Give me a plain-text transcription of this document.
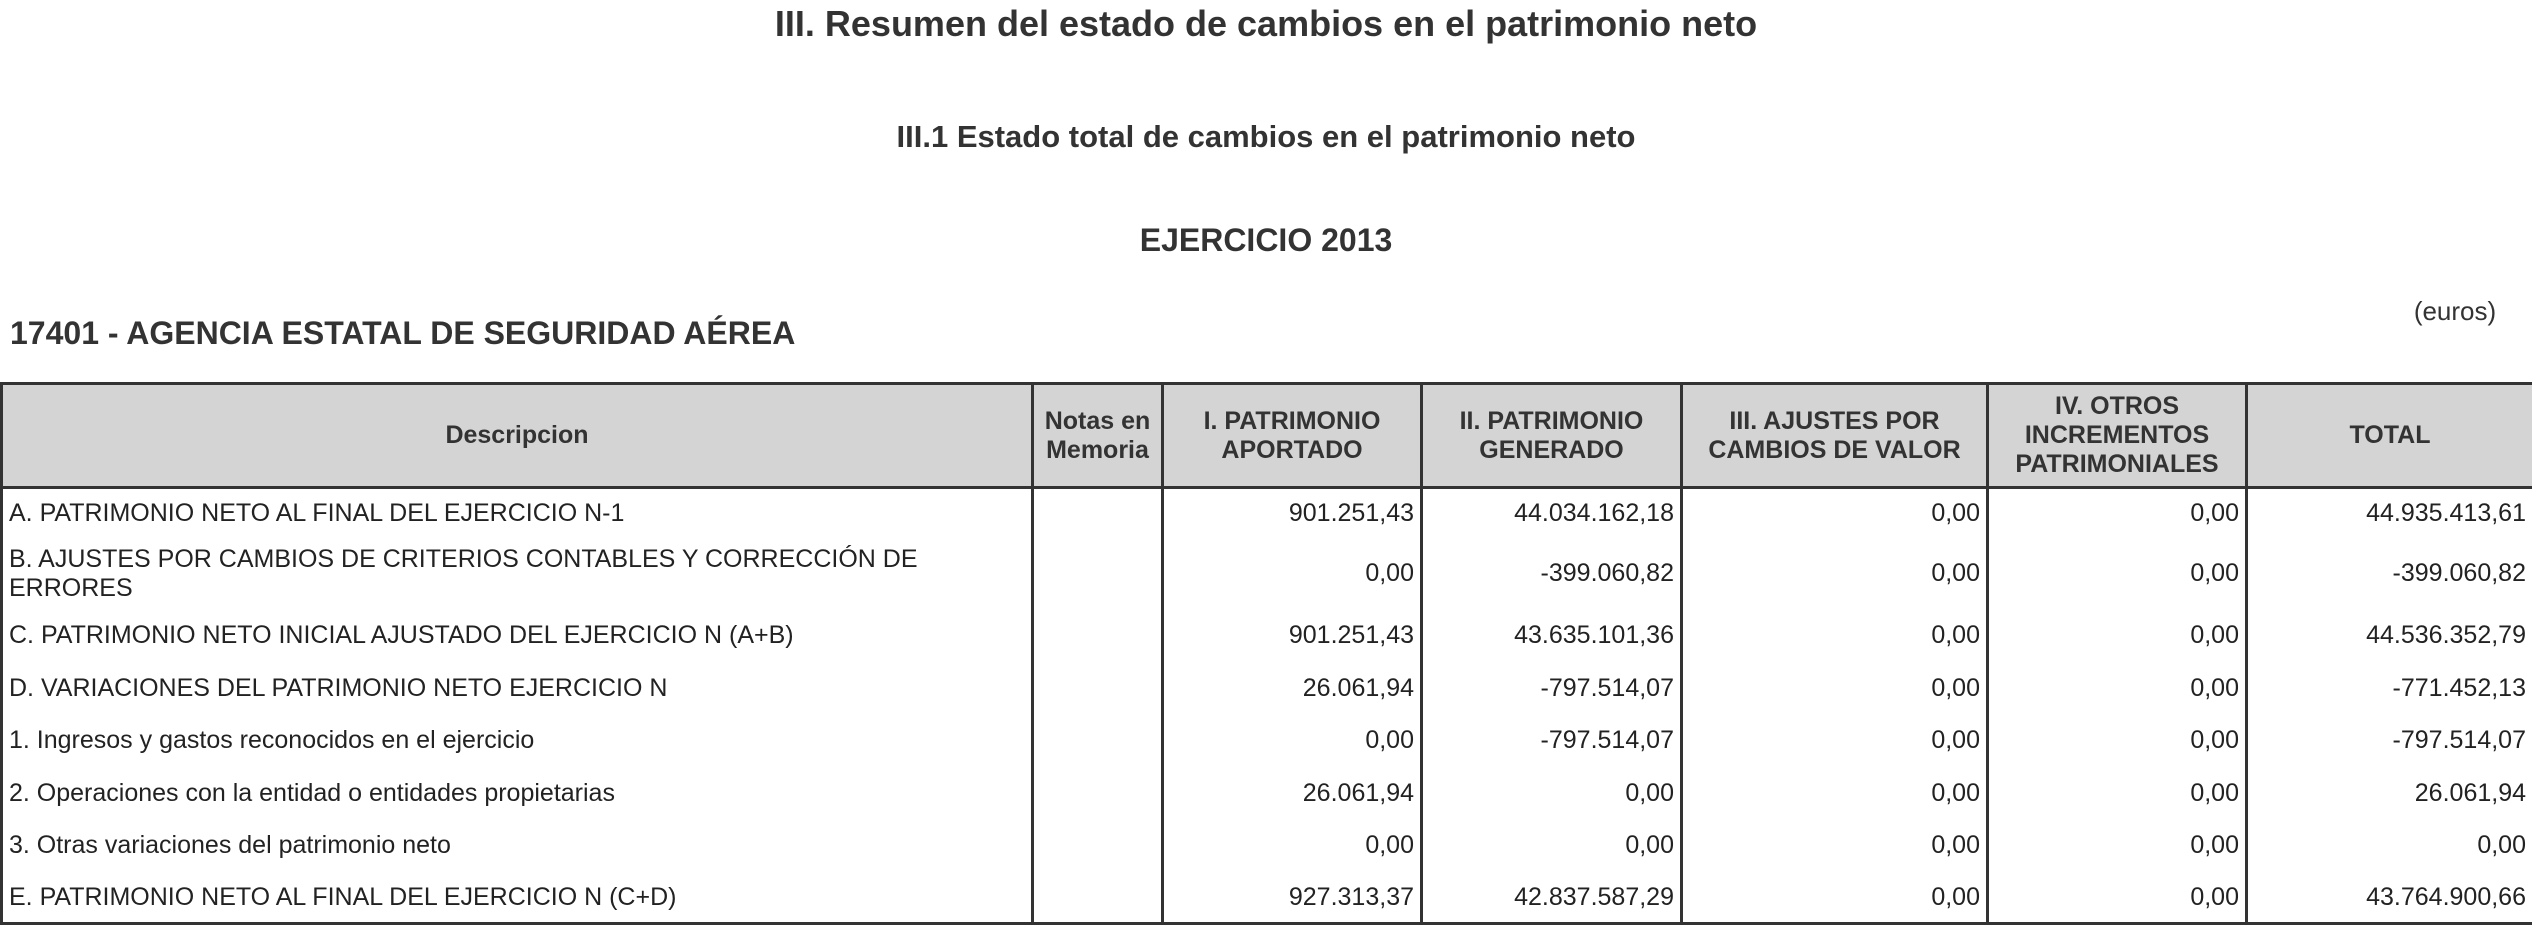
III. Resumen del estado de cambios en el patrimonio neto
III.1 Estado total de cambios en el patrimonio neto
EJERCICIO 2013
17401 - AGENCIA ESTATAL DE SEGURIDAD AÉREA
(euros)
Descripcion	Notas en Memoria	I. PATRIMONIO APORTADO	II. PATRIMONIO GENERADO	III. AJUSTES POR CAMBIOS DE VALOR	IV. OTROS INCREMENTOS PATRIMONIALES	TOTAL
A. PATRIMONIO NETO AL FINAL DEL EJERCICIO N-1		901.251,43	44.034.162,18	0,00	0,00	44.935.413,61
B. AJUSTES POR CAMBIOS DE CRITERIOS CONTABLES Y CORRECCIÓN DE ERRORES		0,00	-399.060,82	0,00	0,00	-399.060,82
C. PATRIMONIO NETO INICIAL AJUSTADO DEL EJERCICIO N (A+B)		901.251,43	43.635.101,36	0,00	0,00	44.536.352,79
D. VARIACIONES DEL PATRIMONIO NETO EJERCICIO N		26.061,94	-797.514,07	0,00	0,00	-771.452,13
1. Ingresos y gastos reconocidos en el ejercicio		0,00	-797.514,07	0,00	0,00	-797.514,07
2. Operaciones con la entidad o entidades propietarias		26.061,94	0,00	0,00	0,00	26.061,94
3. Otras variaciones del patrimonio neto		0,00	0,00	0,00	0,00	0,00
E. PATRIMONIO NETO AL FINAL DEL EJERCICIO N (C+D)		927.313,37	42.837.587,29	0,00	0,00	43.764.900,66
